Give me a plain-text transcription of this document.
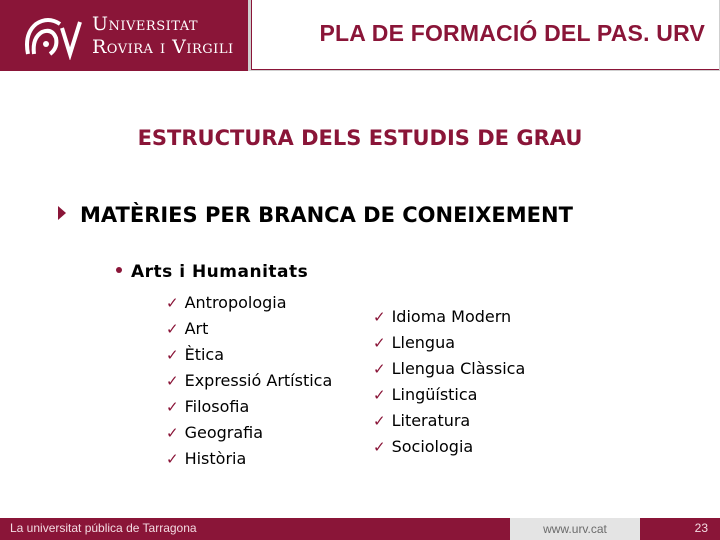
Universitat
Rovira i Virgili
PLA DE FORMACIÓ DEL PAS. URV
ESTRUCTURA DELS ESTUDIS DE GRAU
MATÈRIES PER BRANCA DE CONEIXEMENT
Arts i Humanitats
✓ Antropologia
✓ Art
✓ Ètica
✓ Expressió Artística
✓ Filosofia
✓ Geografia
✓ Història
✓ Idioma Modern
✓ Llengua
✓ Llengua Clàssica
✓ Lingüística
✓ Literatura
✓ Sociologia
La universitat pública de Tarragona	23
www.urv.cat
